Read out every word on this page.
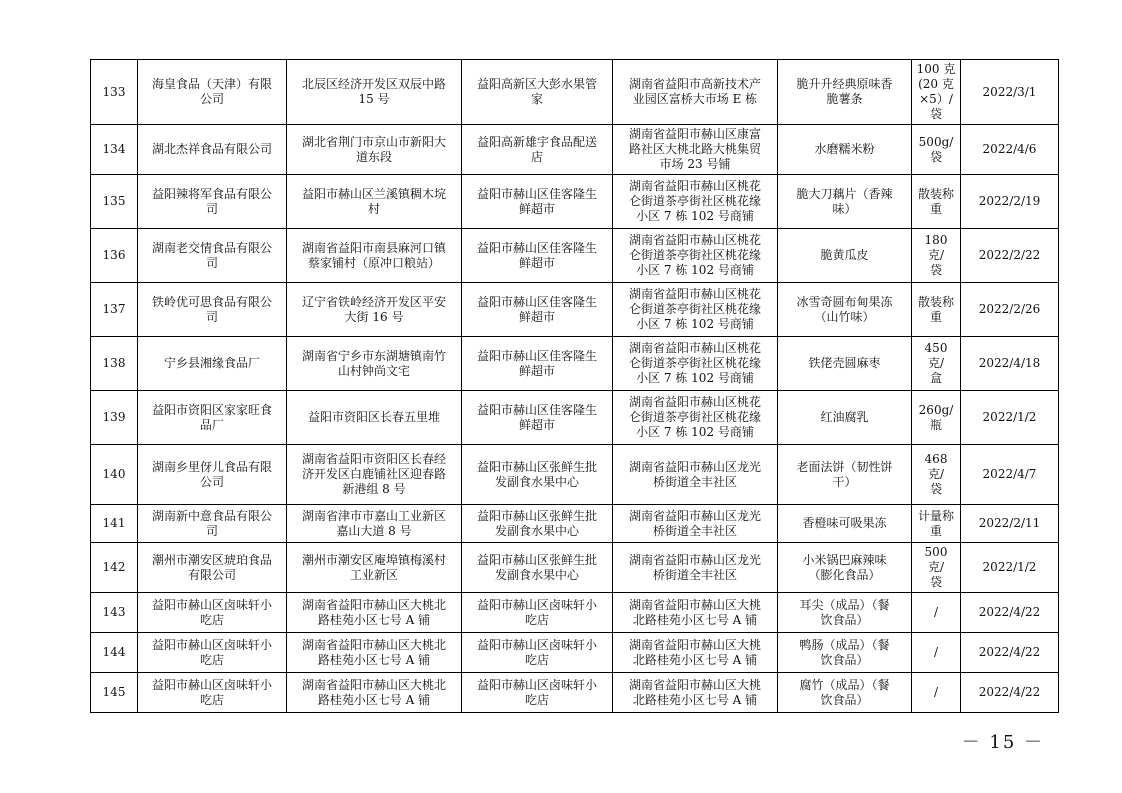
133	海皇食品（天津）有限
公司	北辰区经济开发区双辰中路
15 号	益阳高新区大彭水果管
家	湖南省益阳市高新技术产
业园区富桥大市场 E 栋	脆升升经典原味香
脆薯条	100 克
(20 克
×5）/
袋	2022/3/1
134	湖北杰祥食品有限公司	湖北省荆门市京山市新阳大
道东段	益阳高新雄宇食品配送
店	湖南省益阳市赫山区康富
路社区大桃北路大桃集贸
市场 23 号铺	水磨糯米粉	500g/
袋	2022/4/6
135	益阳辣将军食品有限公
司	益阳市赫山区兰溪镇稠木垸
村	益阳市赫山区佳客隆生
鲜超市	湖南省益阳市赫山区桃花
仑街道茶亭街社区桃花缘
小区 7 栋 102 号商铺	脆大刀藕片（香辣
味）	散装称
重	2022/2/19
136	湖南老交情食品有限公
司	湖南省益阳市南县麻河口镇
蔡家铺村（原冲口粮站）	益阳市赫山区佳客隆生
鲜超市	湖南省益阳市赫山区桃花
仑街道茶亭街社区桃花缘
小区 7 栋 102 号商铺	脆黄瓜皮	180 克/
袋	2022/2/22
137	铁岭优可思食品有限公
司	辽宁省铁岭经济开发区平安
大街 16 号	益阳市赫山区佳客隆生
鲜超市	湖南省益阳市赫山区桃花
仑街道茶亭街社区桃花缘
小区 7 栋 102 号商铺	冰雪奇圆布甸果冻
（山竹味）	散装称
重	2022/2/26
138	宁乡县湘缘食品厂	湖南省宁乡市东湖塘镇南竹
山村钟尚文宅	益阳市赫山区佳客隆生
鲜超市	湖南省益阳市赫山区桃花
仑街道茶亭街社区桃花缘
小区 7 栋 102 号商铺	铁佬壳圆麻枣	450 克/
盒	2022/4/18
139	益阳市资阳区家家旺食
品厂	益阳市资阳区长春五里堆	益阳市赫山区佳客隆生
鲜超市	湖南省益阳市赫山区桃花
仑街道茶亭街社区桃花缘
小区 7 栋 102 号商铺	红油腐乳	260g/
瓶	2022/1/2
140	湖南乡里伢儿食品有限
公司	湖南省益阳市资阳区长春经
济开发区白鹿铺社区迎春路
新港组 8 号	益阳市赫山区张鲜生批
发副食水果中心	湖南省益阳市赫山区龙光
桥街道全丰社区	老面法饼（韧性饼
干）	468 克/
袋	2022/4/7
141	湖南新中意食品有限公
司	湖南省津市市嘉山工业新区
嘉山大道 8 号	益阳市赫山区张鲜生批
发副食水果中心	湖南省益阳市赫山区龙光
桥街道全丰社区	香橙味可吸果冻	计量称
重	2022/2/11
142	潮州市潮安区琥珀食品
有限公司	潮州市潮安区庵埠镇梅溪村
工业新区	益阳市赫山区张鲜生批
发副食水果中心	湖南省益阳市赫山区龙光
桥街道全丰社区	小米锅巴麻辣味
（膨化食品）	500 克/
袋	2022/1/2
143	益阳市赫山区卤味轩小
吃店	湖南省益阳市赫山区大桃北
路桂苑小区七号 A 铺	益阳市赫山区卤味轩小
吃店	湖南省益阳市赫山区大桃
北路桂苑小区七号 A 铺	耳尖（成品）（餐
饮食品）	/	2022/4/22
144	益阳市赫山区卤味轩小
吃店	湖南省益阳市赫山区大桃北
路桂苑小区七号 A 铺	益阳市赫山区卤味轩小
吃店	湖南省益阳市赫山区大桃
北路桂苑小区七号 A 铺	鸭肠（成品）（餐
饮食品）	/	2022/4/22
145	益阳市赫山区卤味轩小
吃店	湖南省益阳市赫山区大桃北
路桂苑小区七号 A 铺	益阳市赫山区卤味轩小
吃店	湖南省益阳市赫山区大桃
北路桂苑小区七号 A 铺	腐竹（成品）（餐
饮食品）	/	2022/4/22
－ 15 －
